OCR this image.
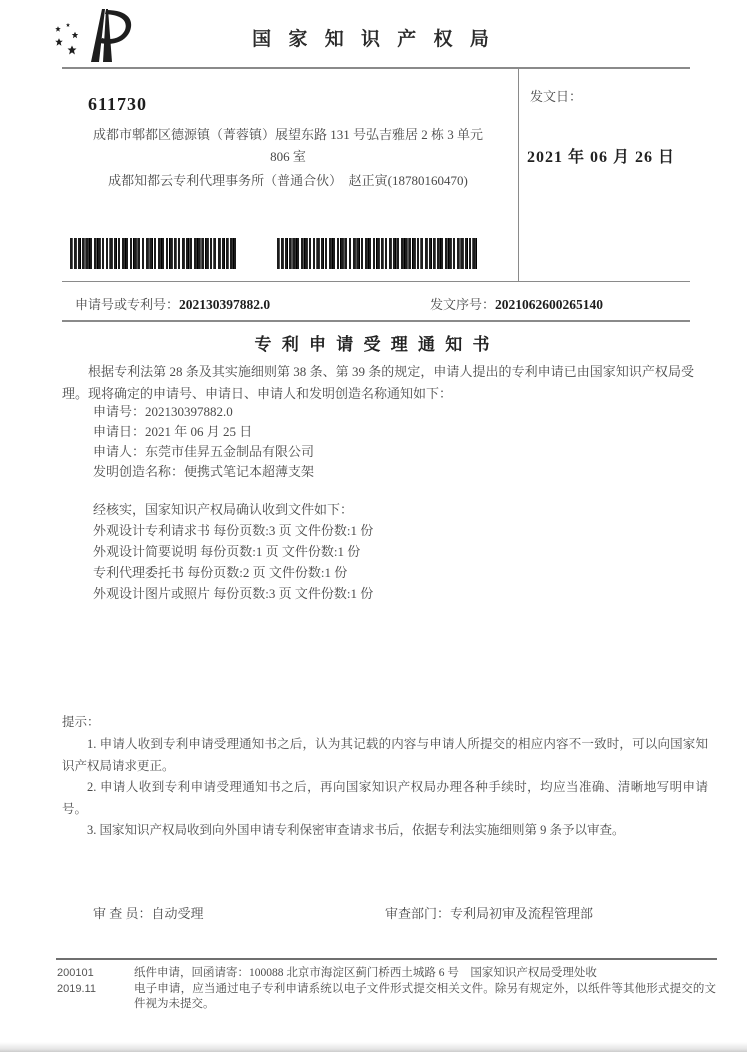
国 家 知 识 产 权 局
发文日：
2021 年 06 月 26 日
611730
成都市郫都区德源镇（菁蓉镇）展望东路 131 号弘吉雅居 2 栋 3 单元
806 室
成都知都云专利代理事务所（普通合伙）　赵正寅(18780160470)
申请号或专利号：202130397882.0	发文序号：2021062600265140
专 利 申 请 受 理 通 知 书
根据专利法第 28 条及其实施细则第 38 条、第 39 条的规定，申请人提出的专利申请已由国家知识产权局受理。现将确定的申请号、申请日、申请人和发明创造名称通知如下：
申请号：202130397882.0
申请日：2021 年 06 月 25 日
申请人：东莞市佳昇五金制品有限公司
发明创造名称：便携式笔记本超薄支架
经核实，国家知识产权局确认收到文件如下：
外观设计专利请求书 每份页数:3 页 文件份数:1 份
外观设计简要说明 每份页数:1 页 文件份数:1 份
专利代理委托书 每份页数:2 页 文件份数:1 份
外观设计图片或照片 每份页数:3 页 文件份数:1 份
提示：

1. 申请人收到专利申请受理通知书之后，认为其记载的内容与申请人所提交的相应内容不一致时，可以向国家知识产权局请求更正。

2. 申请人收到专利申请受理通知书之后，再向国家知识产权局办理各种手续时，均应当准确、清晰地写明申请号。

3. 国家知识产权局收到向外国申请专利保密审查请求书后，依据专利法实施细则第 9 条予以审查。

审 查 员：自动受理	审查部门：专利局初审及流程管理部
200101
2019.11
纸件申请，回函请寄：100088 北京市海淀区蓟门桥西土城路 6 号　国家知识产权局受理处收
电子申请，应当通过电子专利申请系统以电子文件形式提交相关文件。除另有规定外，以纸件等其他形式提交的文件视为未提交。
